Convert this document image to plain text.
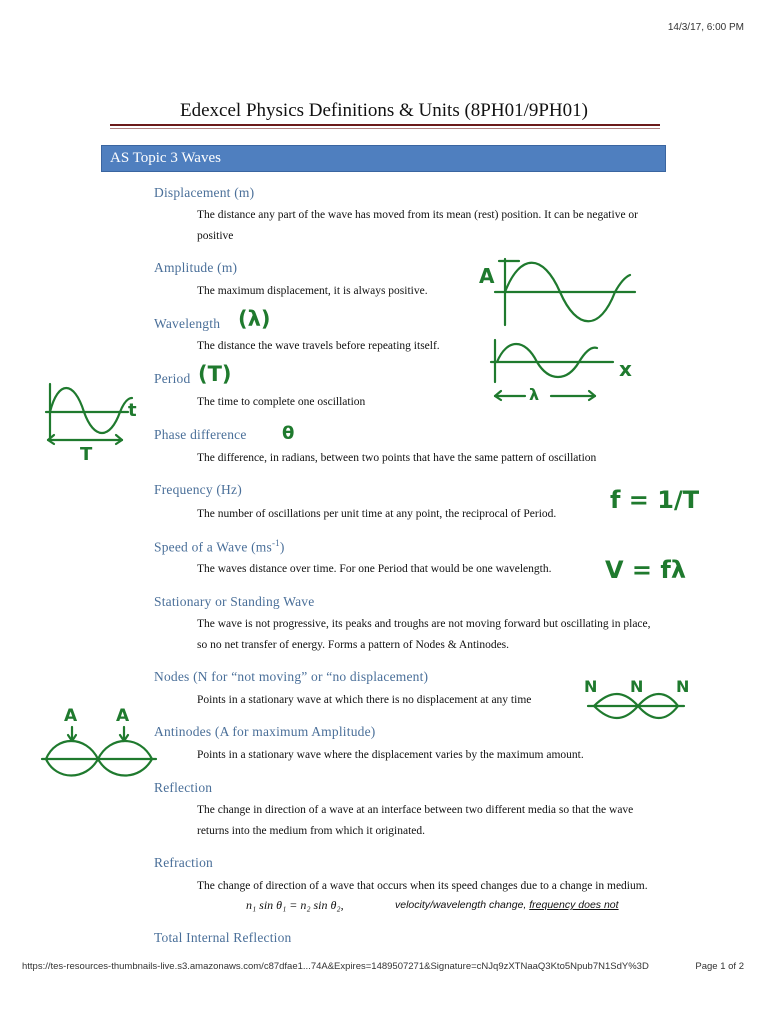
14/3/17, 6:00 PM
Edexcel Physics Definitions & Units (8PH01/9PH01)
AS Topic 3 Waves
Displacement (m)
The distance any part of the wave has moved from its mean (rest) position. It can be negative or positive
Amplitude (m)
The maximum displacement, it is always positive.
Wavelength (λ)
The distance the wave travels before repeating itself.
Period (T)
The time to complete one oscillation
Phase difference θ
The difference, in radians, between two points that have the same pattern of oscillation
Frequency (Hz)
The number of oscillations per unit time at any point, the reciprocal of Period.	f = 1/T
Speed of a Wave $(ms^{-1})$
The waves distance over time. For one Period that would be one wavelength.	V = fλ
Stationary or Standing Wave
The wave is not progressive, its peaks and troughs are not moving forward but oscillating in place, so no net transfer of energy. Forms a pattern of Nodes & Antinodes.
Nodes (N for “not moving” or “no displacement)
Points in a stationary wave at which there is no displacement at any time
Antinodes (A for maximum Amplitude)
Points in a stationary wave where the displacement varies by the maximum amount.
Reflection
The change in direction of a wave at an interface between two different media so that the wave returns into the medium from which it originated.
Refraction
The change of direction of a wave that occurs when its speed changes due to a change in medium.
n₁ sin θ₁ = n₂ sin θ₂,	velocity/wavelength change, frequency does not
Total Internal Reflection
A
x
λ
t
T
N N N
A A
https://tes-resources-thumbnails-live.s3.amazonaws.com/c87dfae1...74A&Expires=1489507271&Signature=cNJq9zXTNaaQ3Kto5Npub7N1SdY%3D	Page 1 of 2
